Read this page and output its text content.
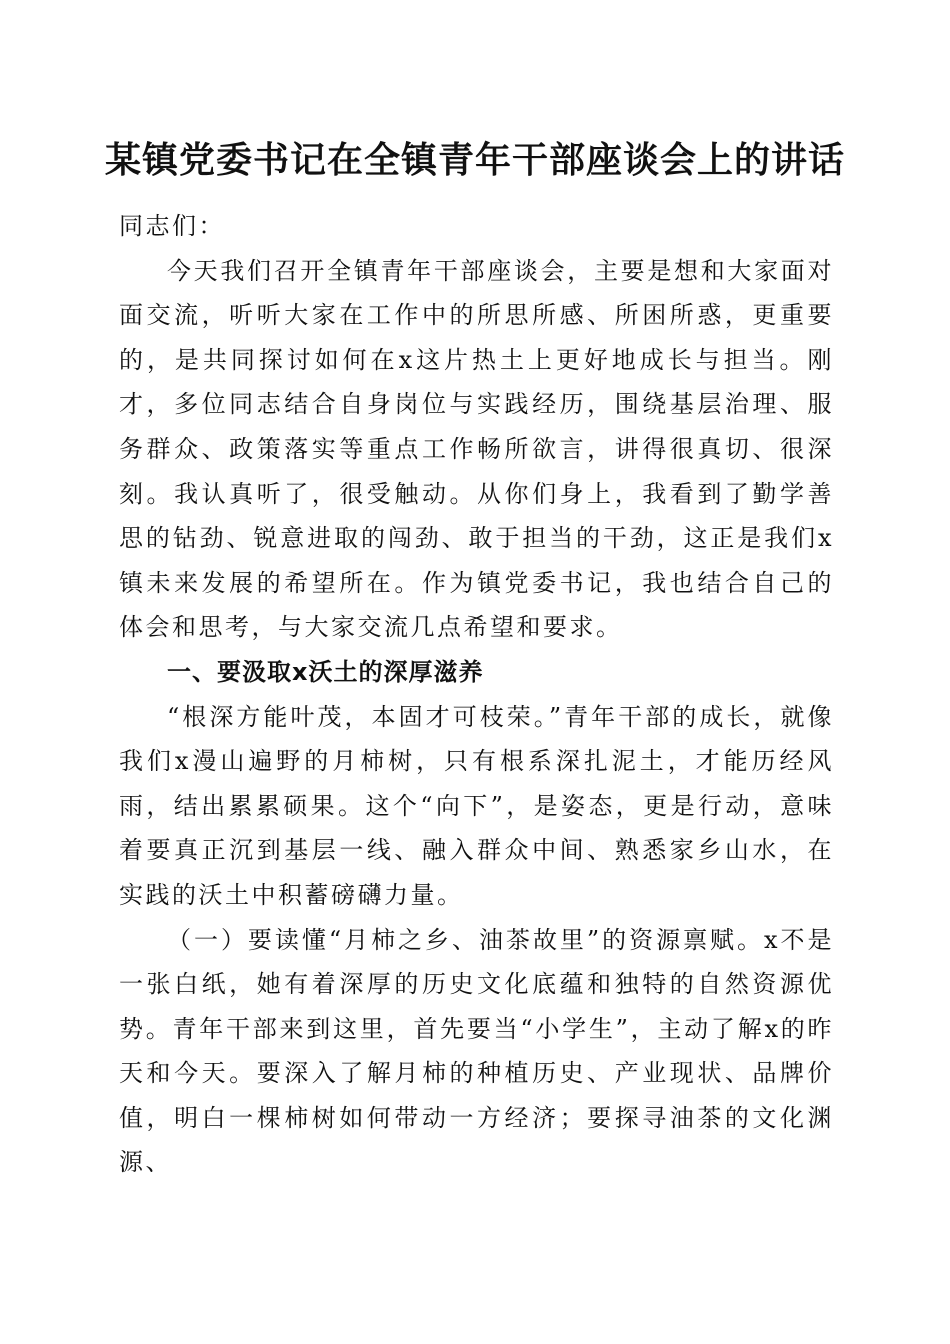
某镇党委书记在全镇青年干部座谈会上的讲话

同志们：

今天我们召开全镇青年干部座谈会，主要是想和大家面对面交流，听听大家在工作中的所思所感、所困所惑，更重要的，是共同探讨如何在x这片热土上更好地成长与担当。刚才，多位同志结合自身岗位与实践经历，围绕基层治理、服务群众、政策落实等重点工作畅所欲言，讲得很真切、很深刻。我认真听了，很受触动。从你们身上，我看到了勤学善思的钻劲、锐意进取的闯劲、敢于担当的干劲，这正是我们x镇未来发展的希望所在。作为镇党委书记，我也结合自己的体会和思考，与大家交流几点希望和要求。

一、要汲取x沃土的深厚滋养

“根深方能叶茂，本固才可枝荣。”青年干部的成长，就像我们x漫山遍野的月柿树，只有根系深扎泥土，才能历经风雨，结出累累硕果。这个“向下”，是姿态，更是行动，意味着要真正沉到基层一线、融入群众中间、熟悉家乡山水，在实践的沃土中积蓄磅礴力量。

（一）要读懂“月柿之乡、油茶故里”的资源禀赋。x不是一张白纸，她有着深厚的历史文化底蕴和独特的自然资源优势。青年干部来到这里，首先要当“小学生”，主动了解x的昨天和今天。要深入了解月柿的种植历史、产业现状、品牌价值，明白一棵柿树如何带动一方经济；要探寻油茶的文化渊源、
